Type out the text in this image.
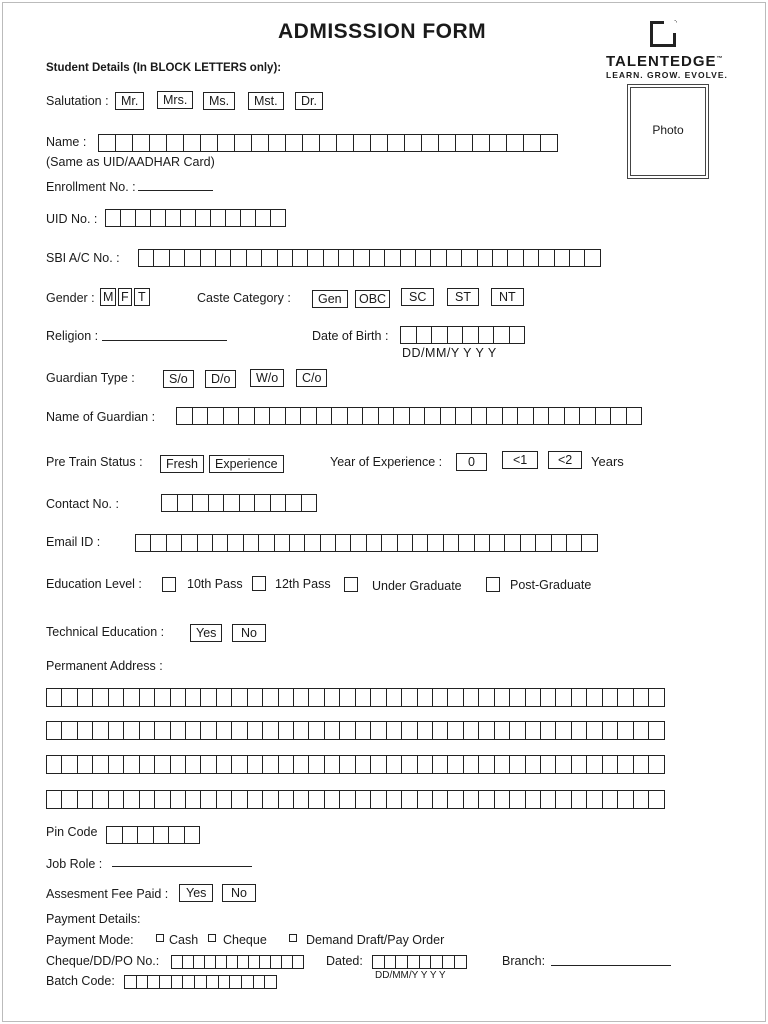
ADMISSSION FORM
Student Details (In BLOCK LETTERS only):	TALENTEDGE™
LEARN. GROW. EVOLVE.
Photo
Salutation : Mr.	Mrs.	Ms.	Mst.	Dr.
Name :
(Same as UID/AADHAR Card)
Enrollment No. :
UID No. :
SBI A/C No. :
Gender : M F T	Caste Category :	Gen	OBC	SC	ST	NT
Religion :	Date of Birth :
DD/MM/Y Y Y Y
Guardian Type :	S/o	D/o	W/o	C/o
Name of Guardian :
Pre Train Status :	Fresh	Experience	Year of Experience :	0	<1	<2	Years
Contact No. :
Email ID :
Education Level :	10th Pass	12th Pass	Under Graduate	Post-Graduate
Technical Education :	Yes	No
Permanent Address :
Pin Code
Job Role :
Assesment Fee Paid :	Yes	No
Payment Details:
Payment Mode:	Cash Cheque	Demand Draft/Pay Order
Cheque/DD/PO No.:	Dated:
DD/MM/Y Y Y Y
Branch:
Batch Code:
